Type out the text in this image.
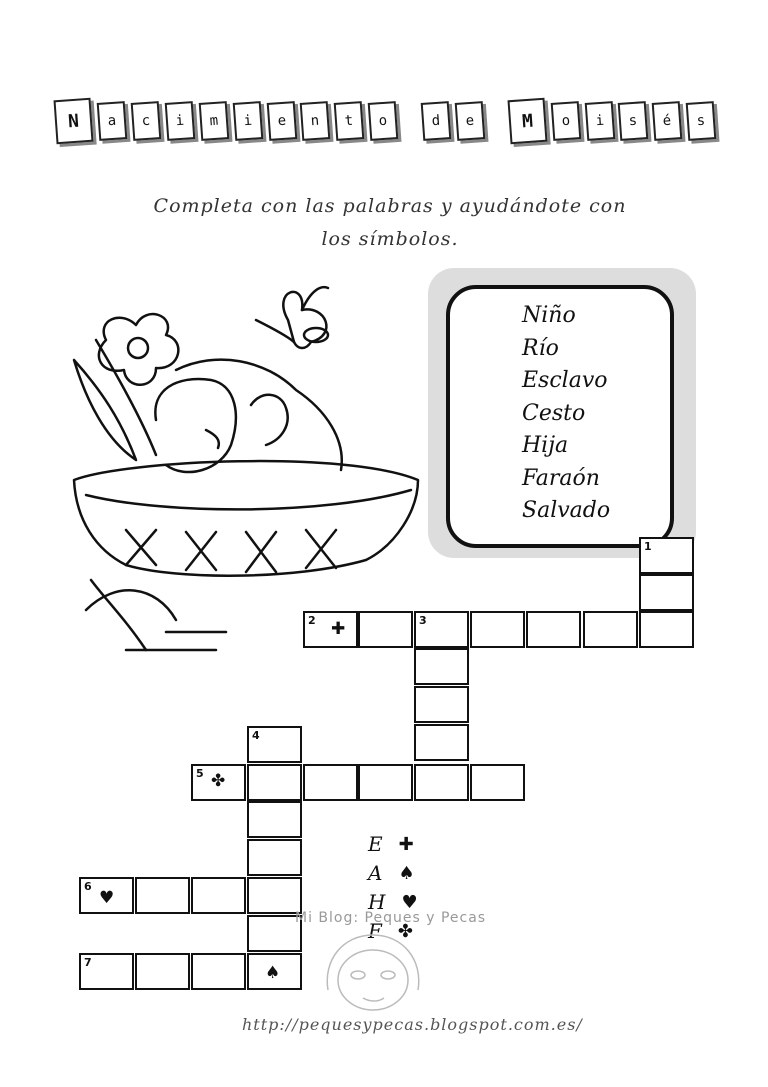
N	a	c	i	m	i	e	n	t	o	d	e	M	o	i	s	é	s
Completa con las palabras y ayudándote con
los símbolos.
Niño
Río
Esclavo
Cesto
Hija
Faraón
Salvado
1
2 ✚	3
4
5 ✤
6
♥
7
♠
E ✚
A ♠
H ♥
F ✤
Mi Blog: Peques y Pecas
http://pequesypecas.blogspot.com.es/
